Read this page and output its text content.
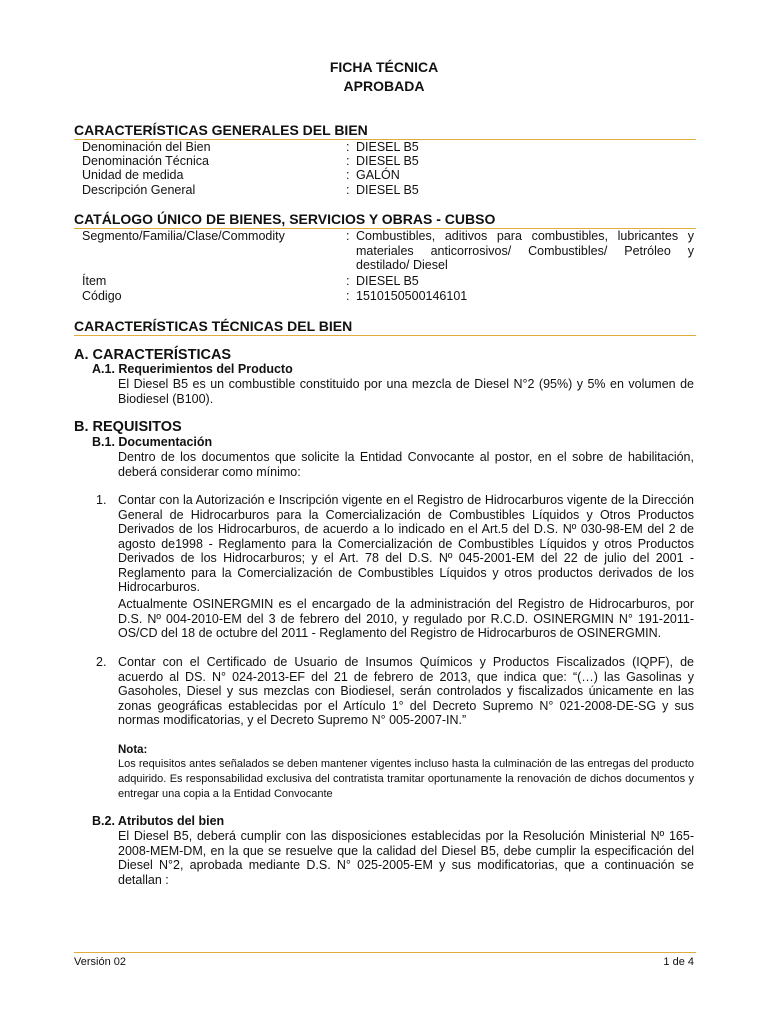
FICHA TÉCNICA
APROBADA
CARACTERÍSTICAS GENERALES DEL BIEN
Denominación del Bien	: DIESEL B5
Denominación Técnica	: DIESEL B5
Unidad de medida	: GALÓN
Descripción General	: DIESEL B5
CATÁLOGO ÚNICO DE BIENES, SERVICIOS Y OBRAS - CUBSO
Segmento/Familia/Clase/Commodity	: Combustibles, aditivos para combustibles, lubricantes y materiales anticorrosivos/ Combustibles/ Petróleo y destilado/ Diesel
Ítem	: DIESEL B5
Código	: 1510150500146101
CARACTERÍSTICAS TÉCNICAS DEL BIEN
A. CARACTERÍSTICAS
A.1. Requerimientos del Producto
El Diesel B5 es un combustible constituido por una mezcla de Diesel N°2 (95%) y 5% en volumen de Biodiesel (B100).
B. REQUISITOS
B.1. Documentación
Dentro de los documentos que solicite la Entidad Convocante al postor, en el sobre de habilitación, deberá considerar como mínimo:
1. Contar con la Autorización e Inscripción vigente en el Registro de Hidrocarburos vigente de la Dirección General de Hidrocarburos para la Comercialización de Combustibles Líquidos y Otros Productos Derivados de los Hidrocarburos, de acuerdo a lo indicado en el Art.5 del D.S. Nº 030-98-EM del 2 de agosto de1998 - Reglamento para la Comercialización de Combustibles Líquidos y otros Productos Derivados de los Hidrocarburos; y el Art. 78 del D.S. Nº 045-2001-EM del 22 de julio del 2001 - Reglamento para la Comercialización de Combustibles Líquidos y otros productos derivados de los Hidrocarburos.
Actualmente OSINERGMIN es el encargado de la administración del Registro de Hidrocarburos, por D.S. Nº 004-2010-EM del 3 de febrero del 2010, y regulado por R.C.D. OSINERGMIN N° 191-2011-OS/CD del 18 de octubre del 2011 - Reglamento del Registro de Hidrocarburos de OSINERGMIN.
2. Contar con el Certificado de Usuario de Insumos Químicos y Productos Fiscalizados (IQPF), de acuerdo al DS. N° 024-2013-EF del 21 de febrero de 2013, que indica que: “(…) las Gasolinas y Gasoholes, Diesel y sus mezclas con Biodiesel, serán controlados y fiscalizados únicamente en las zonas geográficas establecidas por el Artículo 1° del Decreto Supremo N° 021-2008-DE-SG y sus normas modificatorias, y el Decreto Supremo N° 005-2007-IN.”
Nota:
Los requisitos antes señalados se deben mantener vigentes incluso hasta la culminación de las entregas del producto adquirido. Es responsabilidad exclusiva del contratista tramitar oportunamente la renovación de dichos documentos y entregar una copia a la Entidad Convocante
B.2. Atributos del bien
El Diesel B5, deberá cumplir con las disposiciones establecidas por la Resolución Ministerial Nº 165-2008-MEM-DM, en la que se resuelve que la calidad del Diesel B5, debe cumplir la especificación del Diesel N°2, aprobada mediante D.S. N° 025-2005-EM y sus modificatorias, que a continuación se detallan :
Versión 02	1 de 4
